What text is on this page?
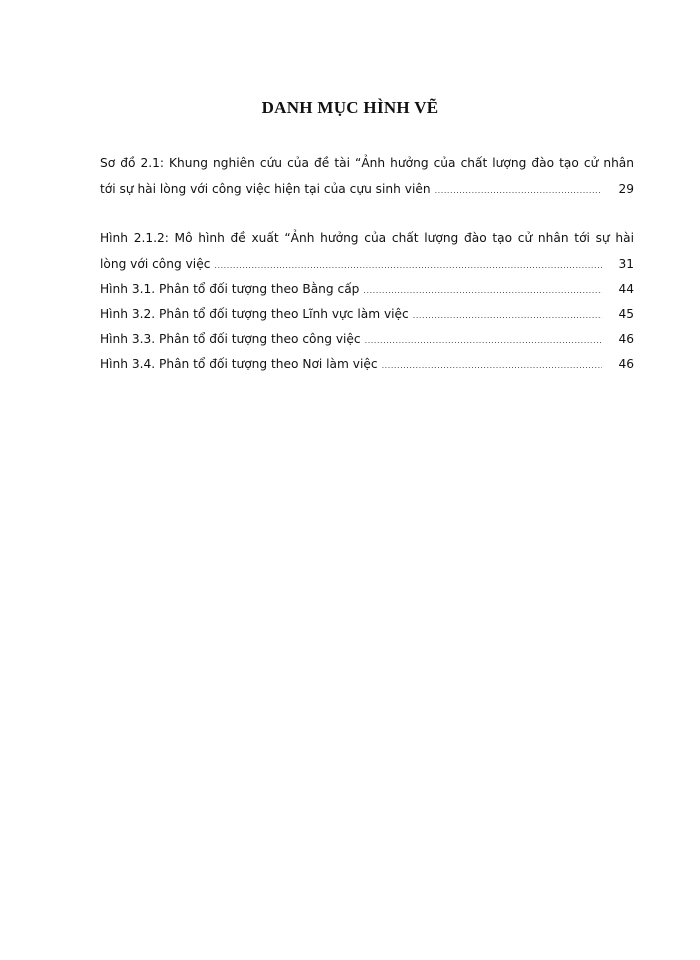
DANH MỤC HÌNH VẼ
Sơ đồ 2.1: Khung nghiên cứu của đề tài “Ảnh hưởng của chất lượng đào tạo cử nhân
tới sự hài lòng với công việc hiện tại của cựu sinh viên . . .	29
Hình 2.1.2: Mô hình đề xuất “Ảnh hưởng của chất lượng đào tạo cử nhân tới sự hài
lòng với công việc . . .	31
Hình 3.1. Phân tổ đối tượng theo Bằng cấp . . .	44
Hình 3.2. Phân tổ đối tượng theo Lĩnh vực làm việc . . .	45
Hình 3.3. Phân tổ đối tượng theo công việc . . .	46
Hình 3.4. Phân tổ đối tượng theo Nơi làm việc . . .	46
